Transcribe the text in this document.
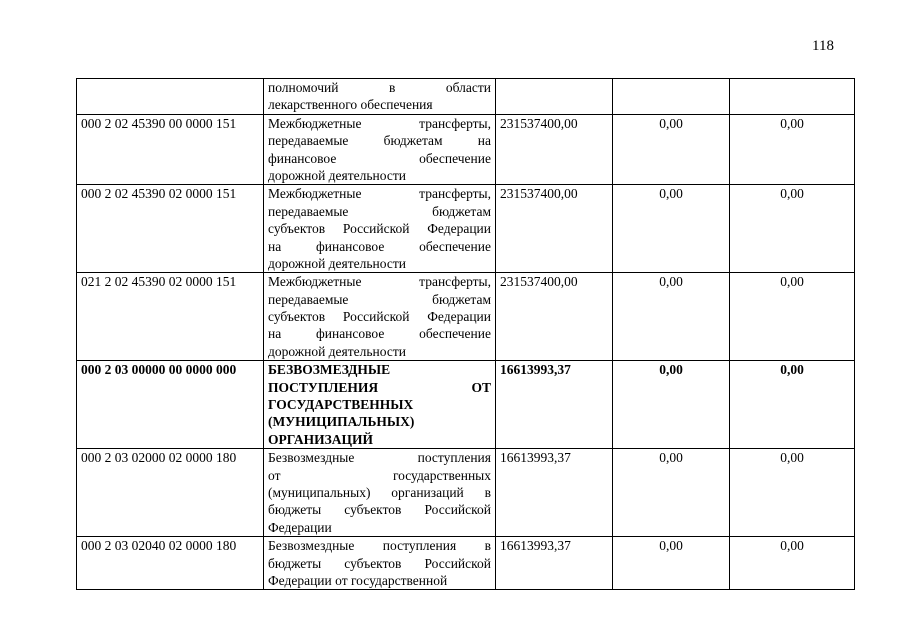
118

	полномочий в области
лекарственного обеспечения			

000 2 02 45390 00 0000 151	Межбюджетные трансферты,
передаваемые бюджетам на
финансовое обеспечение
дорожной деятельности	231537400,00	0,00	0,00
000 2 02 45390 02 0000 151	Межбюджетные трансферты,
передаваемые бюджетам
субъектов Российской Федерации
на финансовое обеспечение
дорожной деятельности	231537400,00	0,00	0,00
021 2 02 45390 02 0000 151	Межбюджетные трансферты,
передаваемые бюджетам
субъектов Российской Федерации
на финансовое обеспечение
дорожной деятельности	231537400,00	0,00	0,00
000 2 03 00000 00 0000 000	БЕЗВОЗМЕЗДНЫЕ
ПОСТУПЛЕНИЯ ОТ
ГОСУДАРСТВЕННЫХ
(МУНИЦИПАЛЬНЫХ)
ОРГАНИЗАЦИЙ	16613993,37	0,00	0,00
000 2 03 02000 02 0000 180	Безвозмездные поступления
от государственных
(муниципальных) организаций в
бюджеты субъектов Российской
Федерации	16613993,37	0,00	0,00
000 2 03 02040 02 0000 180	Безвозмездные поступления в
бюджеты субъектов Российской
Федерации от государственной	16613993,37	0,00	0,00
